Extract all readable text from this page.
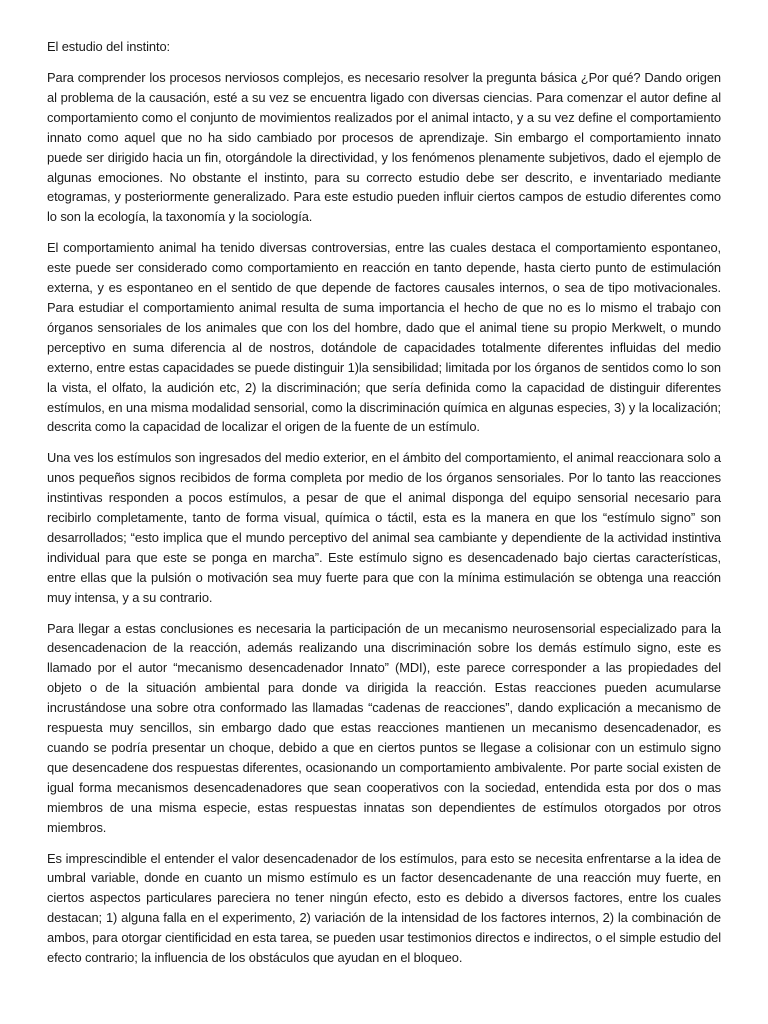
El estudio del instinto:

Para comprender los procesos nerviosos complejos, es necesario resolver la pregunta básica ¿Por qué? Dando origen al problema de la causación, esté a su vez se encuentra ligado con diversas ciencias. Para comenzar el autor define al comportamiento como el conjunto de movimientos realizados por el animal intacto, y a su vez define el comportamiento innato como aquel que no ha sido cambiado por procesos de aprendizaje. Sin embargo el comportamiento innato puede ser dirigido hacia un fin, otorgándole la directividad, y los fenómenos plenamente subjetivos, dado el ejemplo de algunas emociones. No obstante el instinto, para su correcto estudio debe ser descrito, e inventariado mediante etogramas, y posteriormente generalizado. Para este estudio pueden influir ciertos campos de estudio diferentes como lo son la ecología, la taxonomía y la sociología.

El comportamiento animal ha tenido diversas controversias, entre las cuales destaca el comportamiento espontaneo, este puede ser considerado como comportamiento en reacción en tanto depende, hasta cierto punto de estimulación externa, y es espontaneo en el sentido de que depende de factores causales internos, o sea de tipo motivacionales. Para estudiar el comportamiento animal resulta de suma importancia el hecho de que no es lo mismo el trabajo con órganos sensoriales de los animales que con los del hombre, dado que el animal tiene su propio Merkwelt, o mundo perceptivo en suma diferencia al de nostros, dotándole de capacidades totalmente diferentes influidas del medio externo, entre estas capacidades se puede distinguir 1)la sensibilidad; limitada por los órganos de sentidos como lo son la vista, el olfato, la audición etc, 2) la discriminación; que sería definida como la capacidad de distinguir diferentes estímulos, en una misma modalidad sensorial, como la discriminación química en algunas especies, 3) y la localización; descrita como la capacidad de localizar el origen de la fuente de un estímulo.

Una ves los estímulos son ingresados del medio exterior, en el ámbito del comportamiento, el animal reaccionara solo a unos pequeños signos recibidos de forma completa por medio de los órganos sensoriales. Por lo tanto las reacciones instintivas responden a pocos estímulos, a pesar de que el animal disponga del equipo sensorial necesario para recibirlo completamente, tanto de forma visual, química o táctil, esta es la manera en que los “estímulo signo” son desarrollados; “esto implica que el mundo perceptivo del animal sea cambiante y dependiente de la actividad instintiva individual para que este se ponga en marcha”. Este estímulo signo es desencadenado bajo ciertas características, entre ellas que la pulsión o motivación sea muy fuerte para que con la mínima estimulación se obtenga una reacción muy intensa, y a su contrario.

Para llegar a estas conclusiones es necesaria la participación de un mecanismo neurosensorial especializado para la desencadenacion de la reacción, además realizando una discriminación sobre los demás estímulo signo, este es llamado por el autor “mecanismo desencadenador Innato” (MDI), este parece corresponder a las propiedades del objeto o de la situación ambiental para donde va dirigida la reacción. Estas reacciones pueden acumularse incrustándose una sobre otra conformado las llamadas “cadenas de reacciones”, dando explicación a mecanismo de respuesta muy sencillos, sin embargo dado que estas reacciones mantienen un mecanismo desencadenador, es cuando se podría presentar un choque, debido a que en ciertos puntos se llegase a colisionar con un estimulo signo que desencadene dos respuestas diferentes, ocasionando un comportamiento ambivalente. Por parte social existen de igual forma mecanismos desencadenadores que sean cooperativos con la sociedad, entendida esta por dos o mas miembros de una misma especie, estas respuestas innatas son dependientes de estímulos otorgados por otros miembros.

Es imprescindible el entender el valor desencadenador de los estímulos, para esto se necesita enfrentarse a la idea de umbral variable, donde en cuanto un mismo estímulo es un factor desencadenante de una reacción muy fuerte, en ciertos aspectos particulares pareciera no tener ningún efecto, esto es debido a diversos factores, entre los cuales destacan; 1) alguna falla en el experimento, 2) variación de la intensidad de los factores internos, 2) la combinación de ambos, para otorgar cientificidad en esta tarea, se pueden usar testimonios directos e indirectos, o el simple estudio del efecto contrario; la influencia de los obstáculos que ayudan en el bloqueo.
